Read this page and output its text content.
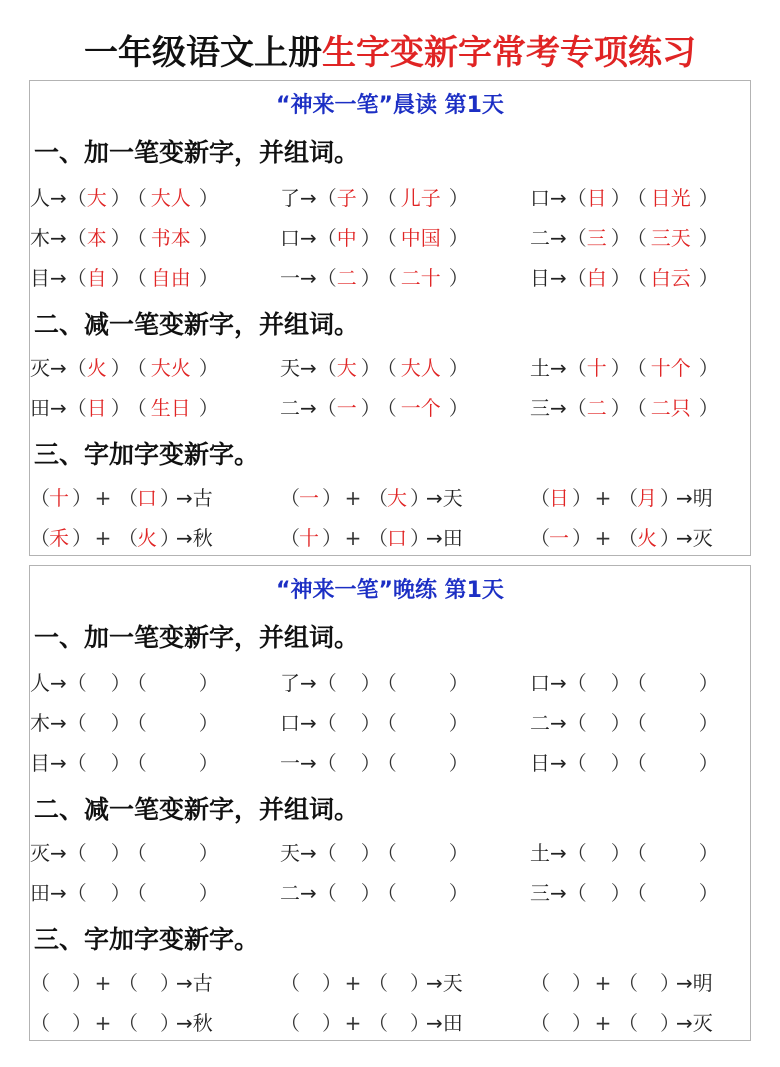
一年级语文上册生字变新字常考专项练习
“神来一笔”晨读 第1天
一、加一笔变新字，并组词。
人→（大 ）（ 大人 ）	了→（子 ）（ 儿子 ）	口→（日 ）（ 日光 ）
木→（本 ）（ 书本 ）	口→（中 ）（ 中国 ）	二→（三 ）（ 三天 ）
目→（自 ）（ 自由 ）	一→（二 ）（ 二十 ）	日→（白 ）（ 白云 ）
二、减一笔变新字，并组词。
灭→（火 ）（ 大火 ）	天→（大 ）（ 大人 ）	土→（十 ）（ 十个 ）
田→（日 ）（ 生日 ）	二→（一 ）（ 一个 ）	三→（二 ）（ 二只 ）
三、字加字变新字。
（十 ） + （口 ）→古	（一 ） + （大 ）→天	（日 ） + （月 ）→明
（禾 ） + （火 ）→秋	（十 ） + （口 ）→田	（一 ） + （火 ）→灭
“神来一笔”晚练 第1天
一、加一笔变新字，并组词。
人→（ ）（	）	了→（ ）（	）	口→（ ）（	）
木→（ ）（	）	口→（ ）（	）	二→（ ）（	）
目→（ ）（	）	一→（ ）（	）	日→（ ）（	）
二、减一笔变新字，并组词。
灭→（ ）（	）	天→（ ）（	）	土→（ ）（	）
田→（ ）（	）	二→（ ）（	）	三→（ ）（	）
三、字加字变新字。
（ ） + （ ）→古	（ ） + （ ）→天	（ ） + （ ）→明
（ ） + （ ）→秋	（ ） + （ ）→田	（ ） + （ ）→灭
